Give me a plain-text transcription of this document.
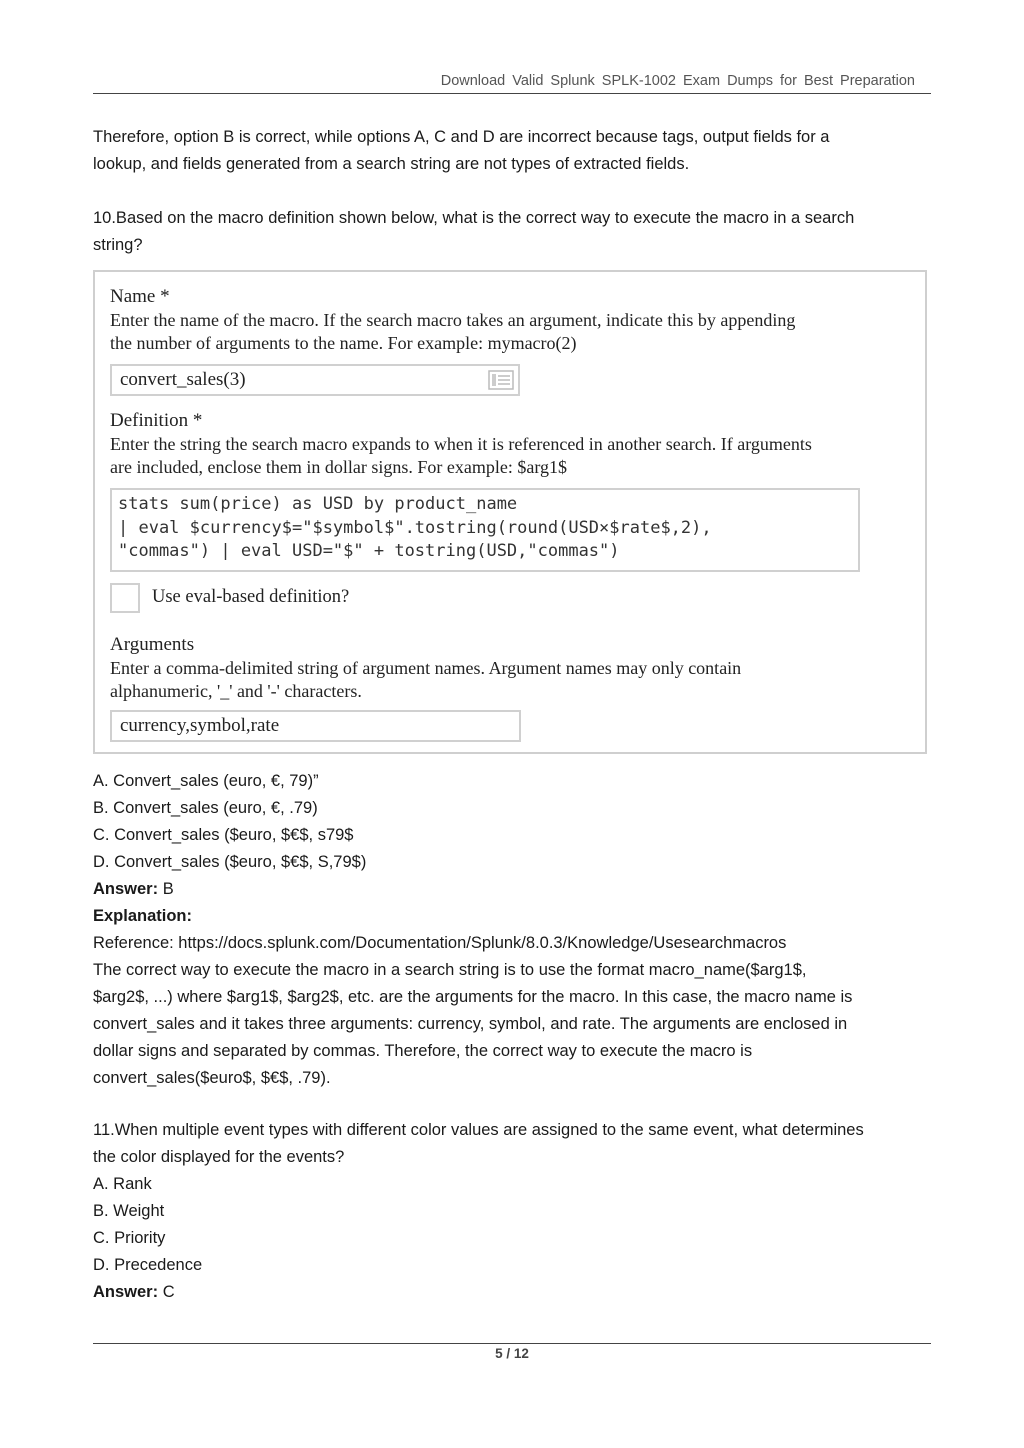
Download Valid Splunk SPLK-1002 Exam Dumps for Best Preparation
Therefore, option B is correct, while options A, C and D are incorrect because tags, output fields for a
lookup, and fields generated from a search string are not types of extracted fields.
10.Based on the macro definition shown below, what is the correct way to execute the macro in a search
string?
Name *
Enter the name of the macro. If the search macro takes an argument, indicate this by appending
the number of arguments to the name. For example: mymacro(2)
convert_sales(3)
Definition *
Enter the string the search macro expands to when it is referenced in another search. If arguments
are included, enclose them in dollar signs. For example: $arg1$
stats sum(price) as USD by product_name
| eval $currency$="$symbol$".tostring(round(USD×$rate$,2),
"commas") | eval USD="$" + tostring(USD,"commas")
Use eval-based definition?
Arguments
Enter a comma-delimited string of argument names. Argument names may only contain
alphanumeric, '_' and '-' characters.
currency,symbol,rate
A. Convert_sales (euro, €, 79)”
B. Convert_sales (euro, €, .79)
C. Convert_sales ($euro, $€$, s79$
D. Convert_sales ($euro, $€$, S,79$)
Answer: B
Explanation:
Reference: https://docs.splunk.com/Documentation/Splunk/8.0.3/Knowledge/Usesearchmacros
The correct way to execute the macro in a search string is to use the format macro_name($arg1$,
$arg2$, ...) where $arg1$, $arg2$, etc. are the arguments for the macro. In this case, the macro name is
convert_sales and it takes three arguments: currency, symbol, and rate. The arguments are enclosed in
dollar signs and separated by commas. Therefore, the correct way to execute the macro is
convert_sales($euro$, $€$, .79).
11.When multiple event types with different color values are assigned to the same event, what determines
the color displayed for the events?
A. Rank
B. Weight
C. Priority
D. Precedence
Answer: C
5 / 12
